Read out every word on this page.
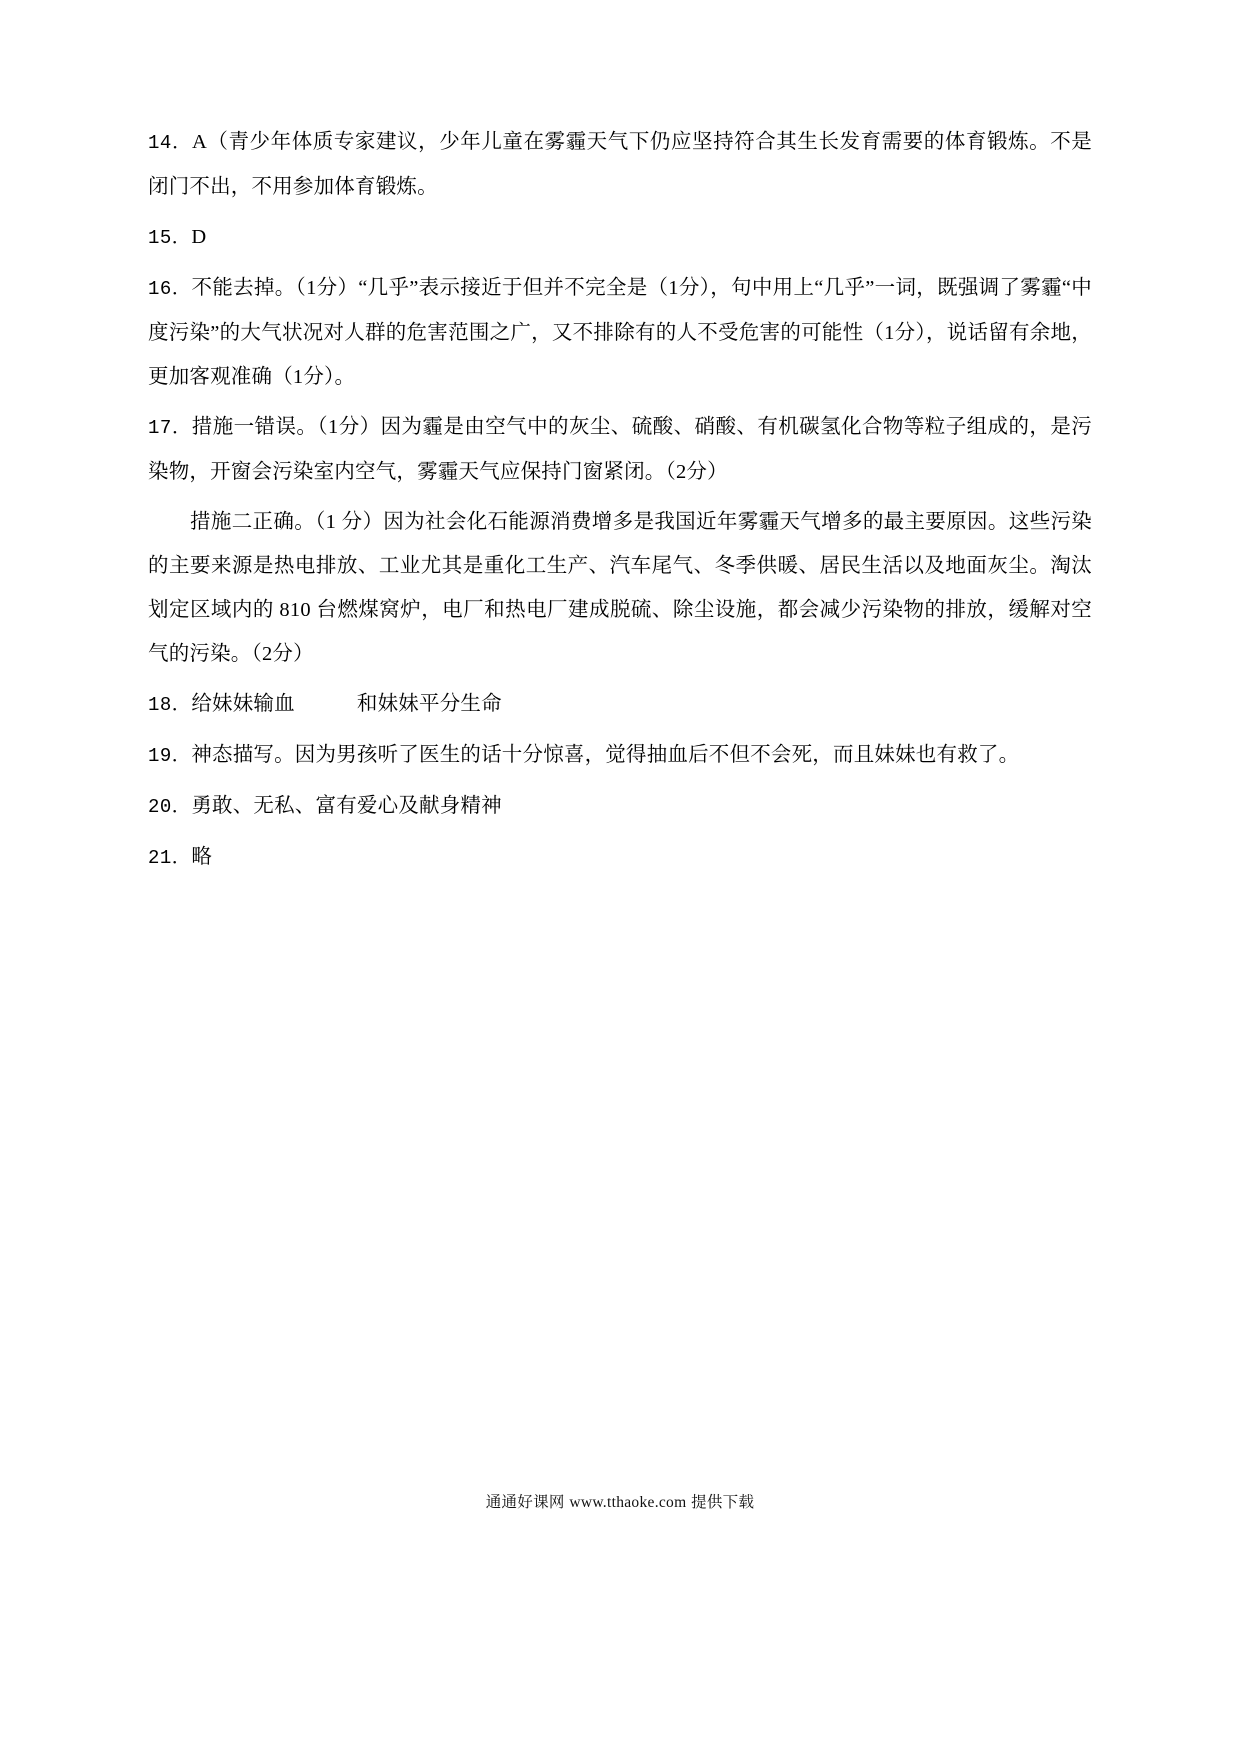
14．A（青少年体质专家建议，少年儿童在雾霾天气下仍应坚持符合其生长发育需要的体育锻炼。不是闭门不出，不用参加体育锻炼。

15．D

16．不能去掉。（1分）“几乎”表示接近于但并不完全是（1分），句中用上“几乎”一词，既强调了雾霾“中度污染”的大气状况对人群的危害范围之广，又不排除有的人不受危害的可能性（1分），说话留有余地，更加客观准确（1分）。

17．措施一错误。（1分）因为霾是由空气中的灰尘、硫酸、硝酸、有机碳氢化合物等粒子组成的，是污染物，开窗会污染室内空气，雾霾天气应保持门窗紧闭。（2分）

措施二正确。（1 分）因为社会化石能源消费增多是我国近年雾霾天气增多的最主要原因。这些污染的主要来源是热电排放、工业尤其是重化工生产、汽车尾气、冬季供暖、居民生活以及地面灰尘。淘汰划定区域内的 810 台燃煤窝炉，电厂和热电厂建成脱硫、除尘设施，都会减少污染物的排放，缓解对空气的污染。（2分）

18．给妹妹输血　　　和妹妹平分生命

19．神态描写。因为男孩听了医生的话十分惊喜，觉得抽血后不但不会死，而且妹妹也有救了。

20．勇敢、无私、富有爱心及献身精神

21．略

通通好课网 www.tthaoke.com 提供下载
